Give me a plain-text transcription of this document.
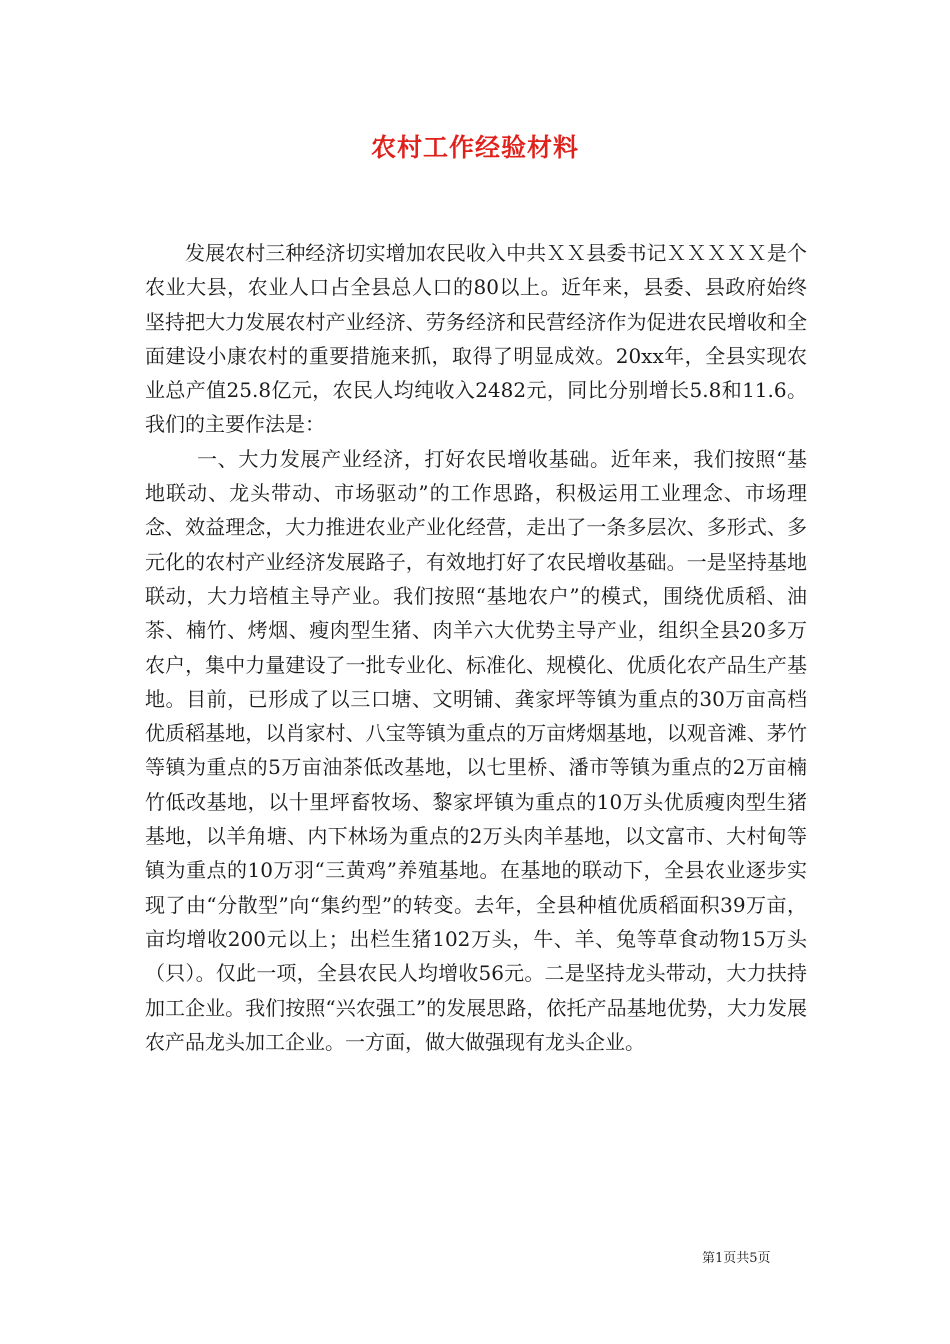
农村工作经验材料

发展农村三种经济切实增加农民收入中共ＸＸ县委书记ＸＸＸＸＸ是个农业大县，农业人口占全县总人口的80以上。近年来，县委、县政府始终坚持把大力发展农村产业经济、劳务经济和民营经济作为促进农民增收和全面建设小康农村的重要措施来抓，取得了明显成效。20xx年，全县实现农业总产值25.8亿元，农民人均纯收入2482元，同比分别增长5.8和11.6。我们的主要作法是：

一、大力发展产业经济，打好农民增收基础。近年来，我们按照“基地联动、龙头带动、市场驱动”的工作思路，积极运用工业理念、市场理念、效益理念，大力推进农业产业化经营，走出了一条多层次、多形式、多元化的农村产业经济发展路子，有效地打好了农民增收基础。一是坚持基地联动，大力培植主导产业。我们按照“基地农户”的模式，围绕优质稻、油茶、楠竹、烤烟、瘦肉型生猪、肉羊六大优势主导产业，组织全县20多万农户，集中力量建设了一批专业化、标准化、规模化、优质化农产品生产基地。目前，已形成了以三口塘、文明铺、龚家坪等镇为重点的30万亩高档优质稻基地，以肖家村、八宝等镇为重点的万亩烤烟基地，以观音滩、茅竹等镇为重点的5万亩油茶低改基地，以七里桥、潘市等镇为重点的2万亩楠竹低改基地，以十里坪畜牧场、黎家坪镇为重点的10万头优质瘦肉型生猪基地，以羊角塘、内下林场为重点的2万头肉羊基地，以文富市、大村甸等镇为重点的10万羽“三黄鸡”养殖基地。在基地的联动下，全县农业逐步实现了由“分散型”向“集约型”的转变。去年，全县种植优质稻面积39万亩，亩均增收200元以上；出栏生猪102万头，牛、羊、兔等草食动物15万头（只）。仅此一项，全县农民人均增收56元。二是坚持龙头带动，大力扶持加工企业。我们按照“兴农强工”的发展思路，依托产品基地优势，大力发展农产品龙头加工企业。一方面，做大做强现有龙头企业。

第1页共5页
